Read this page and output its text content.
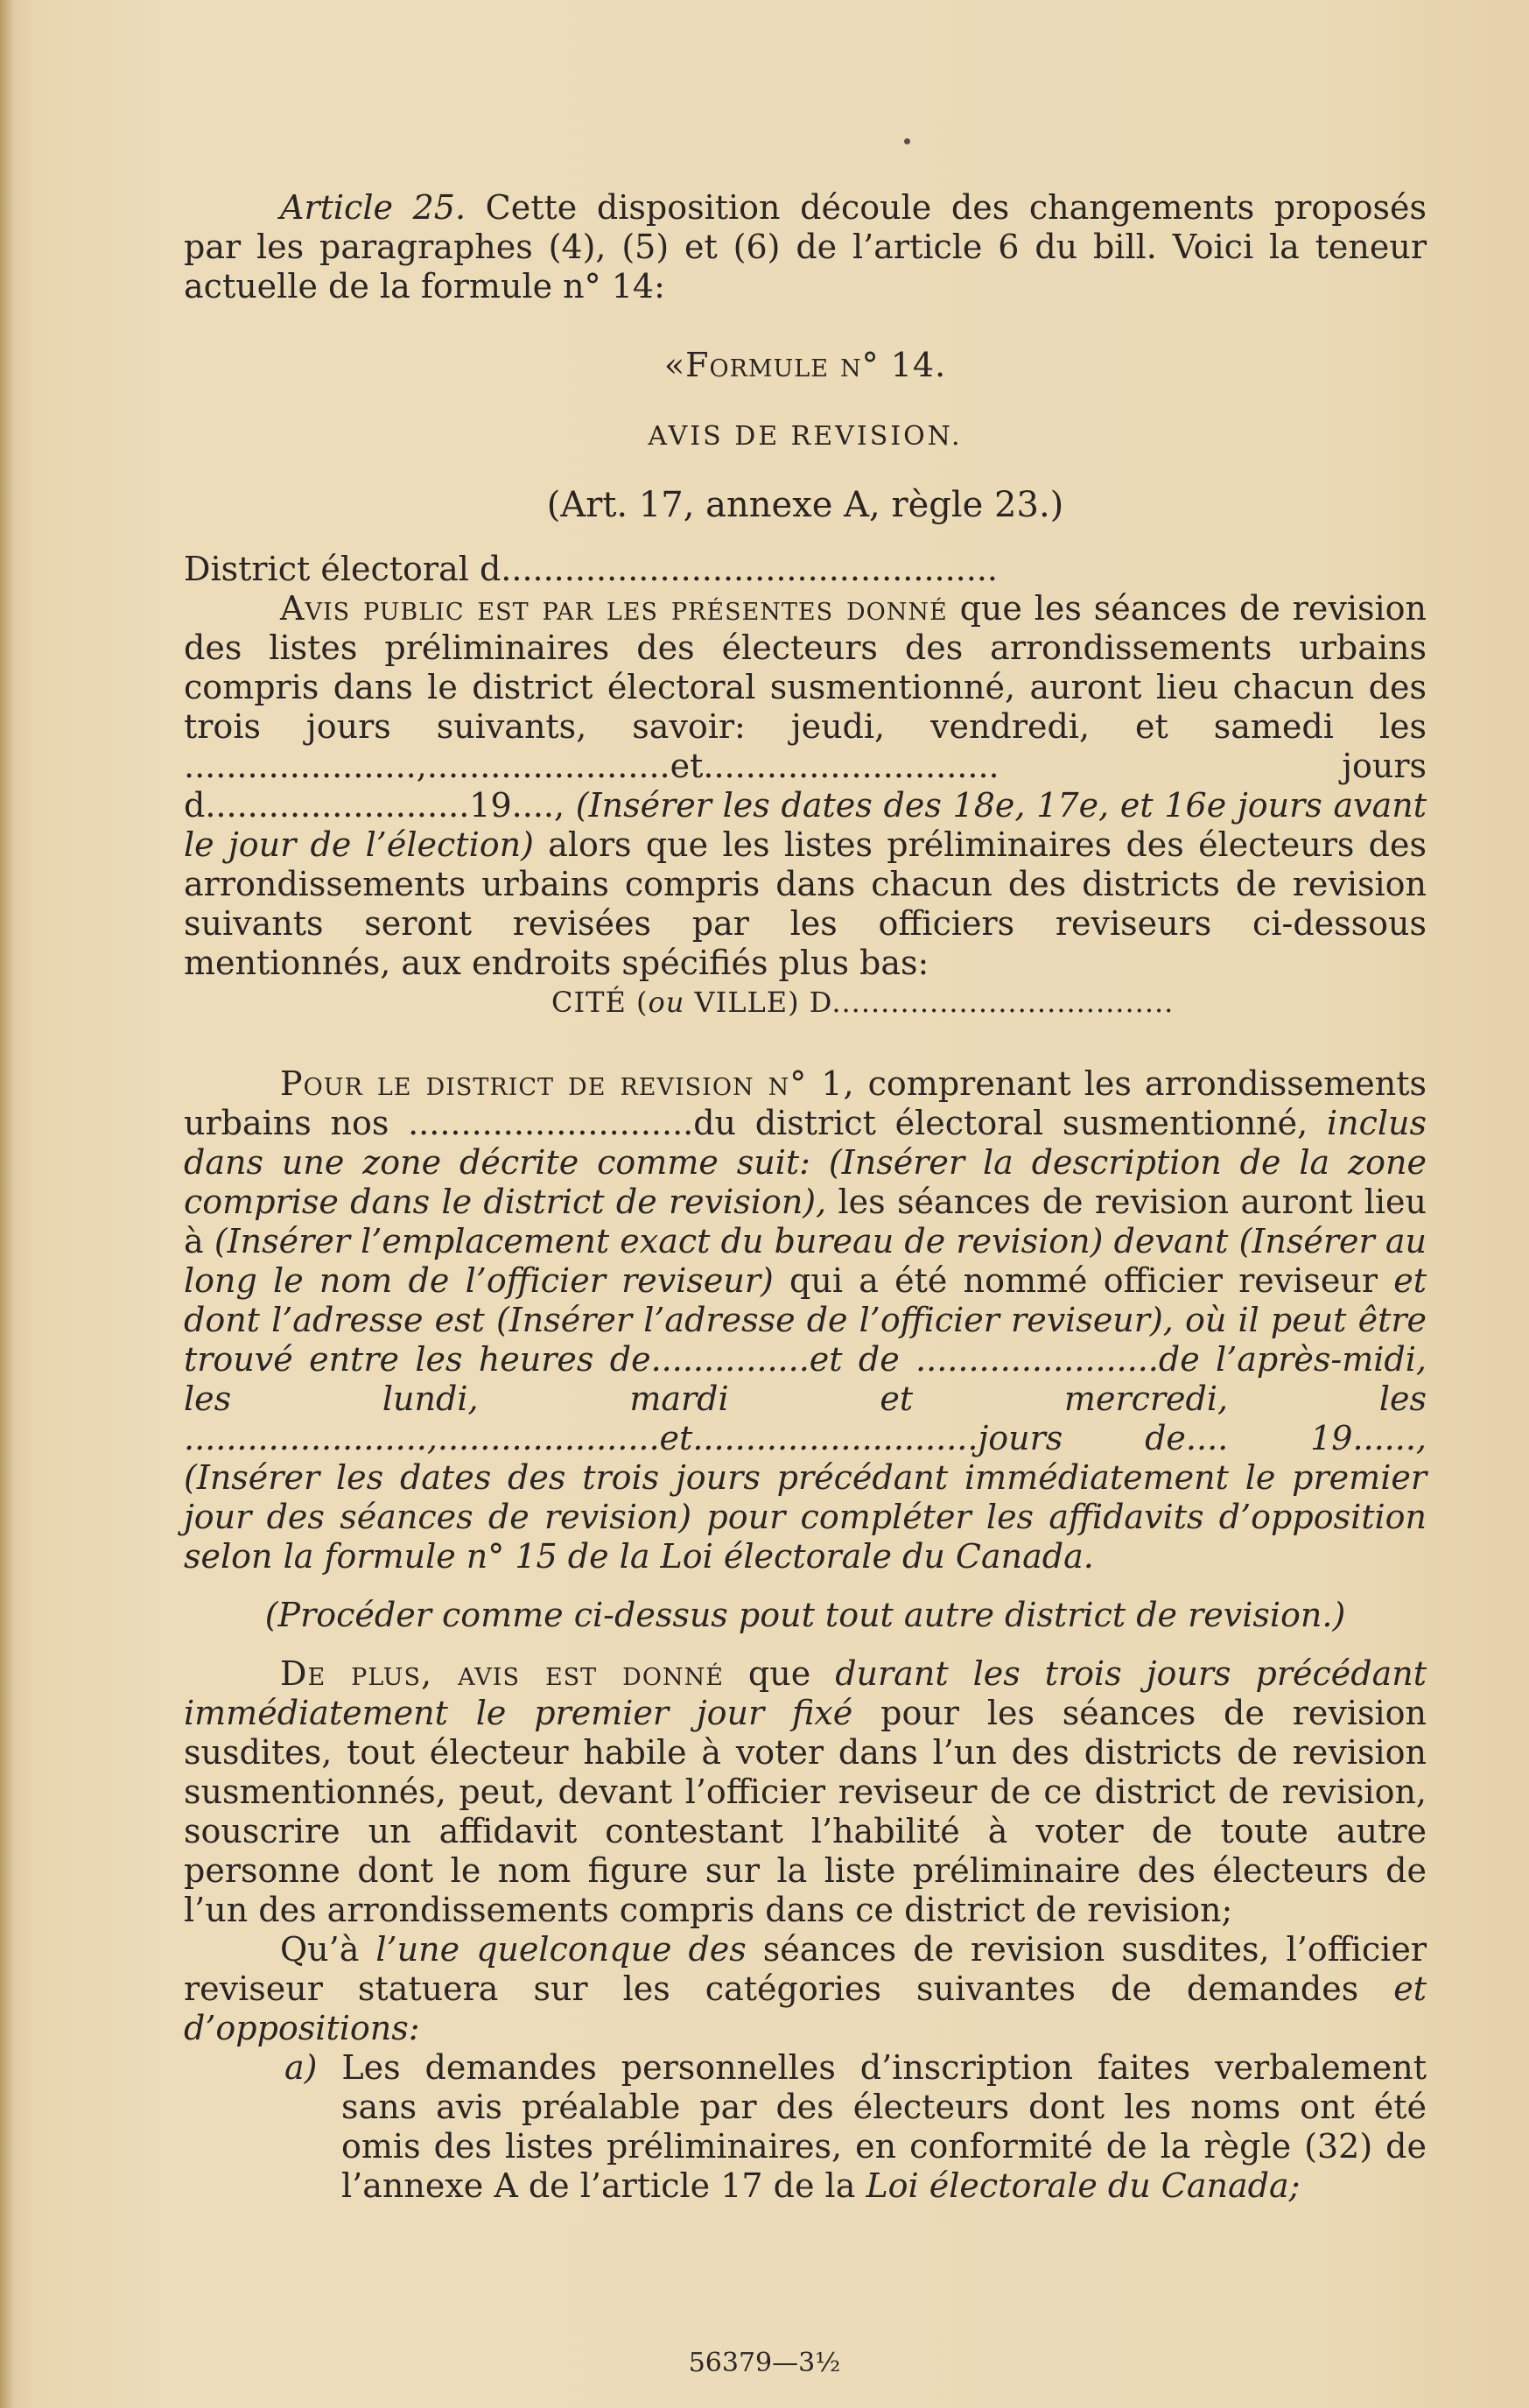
Article 25. Cette disposition découle des changements proposés par les paragraphes (4), (5) et (6) de l’article 6 du bill. Voici la teneur actuelle de la formule n° 14:

«Formule n° 14.

AVIS DE REVISION.

(Art. 17, annexe A, règle 23.)

District électoral d...............................................

Avis public est par les présentes donné que les séances de revision des listes préliminaires des électeurs des arrondissements urbains compris dans le district électoral susmentionné, auront lieu chacun des trois jours suivants, savoir: jeudi, vendredi, et samedi les ......................,.......................et............................ jours d.........................19...., (Insérer les dates des 18e, 17e, et 16e jours avant le jour de l’élection) alors que les listes préliminaires des électeurs des arrondissements urbains compris dans chacun des districts de revision suivants seront revisées par les officiers reviseurs ci-dessous mentionnés, aux endroits spécifiés plus bas:

CITÉ (ou VILLE) D...................................

Pour le district de revision n° 1, comprenant les arrondissements urbains nos ...........................du district électoral susmentionné, inclus dans une zone décrite comme suit: (Insérer la description de la zone comprise dans le district de revision), les séances de revision auront lieu à (Insérer l’emplacement exact du bureau de revision) devant (Insérer au long le nom de l’officier reviseur) qui a été nommé officier reviseur et dont l’adresse est (Insérer l’adresse de l’officier reviseur), où il peut être trouvé entre les heures de...............et de .......................de l’après-midi, les lundi, mardi et mercredi, les .......................,.....................et...........................jours de.... 19......, (Insérer les dates des trois jours précédant immédiatement le premier jour des séances de revision) pour compléter les affidavits d’opposition selon la formule n° 15 de la Loi électorale du Canada.

(Procéder comme ci-dessus pout tout autre district de revision.)

De plus, avis est donné que durant les trois jours précédant immédiatement le premier jour fixé pour les séances de revision susdites, tout électeur habile à voter dans l’un des districts de revision susmentionnés, peut, devant l’officier reviseur de ce district de revision, souscrire un affidavit contestant l’habilité à voter de toute autre personne dont le nom figure sur la liste préliminaire des électeurs de l’un des arrondissements compris dans ce district de revision;

Qu’à l’une quelconque des séances de revision susdites, l’officier reviseur statuera sur les catégories suivantes de demandes et d’oppositions:

a) Les demandes personnelles d’inscription faites verbalement sans avis préalable par des électeurs dont les noms ont été omis des listes préliminaires, en conformité de la règle (32) de l’annexe A de l’article 17 de la Loi électorale du Canada;

56379—3½
